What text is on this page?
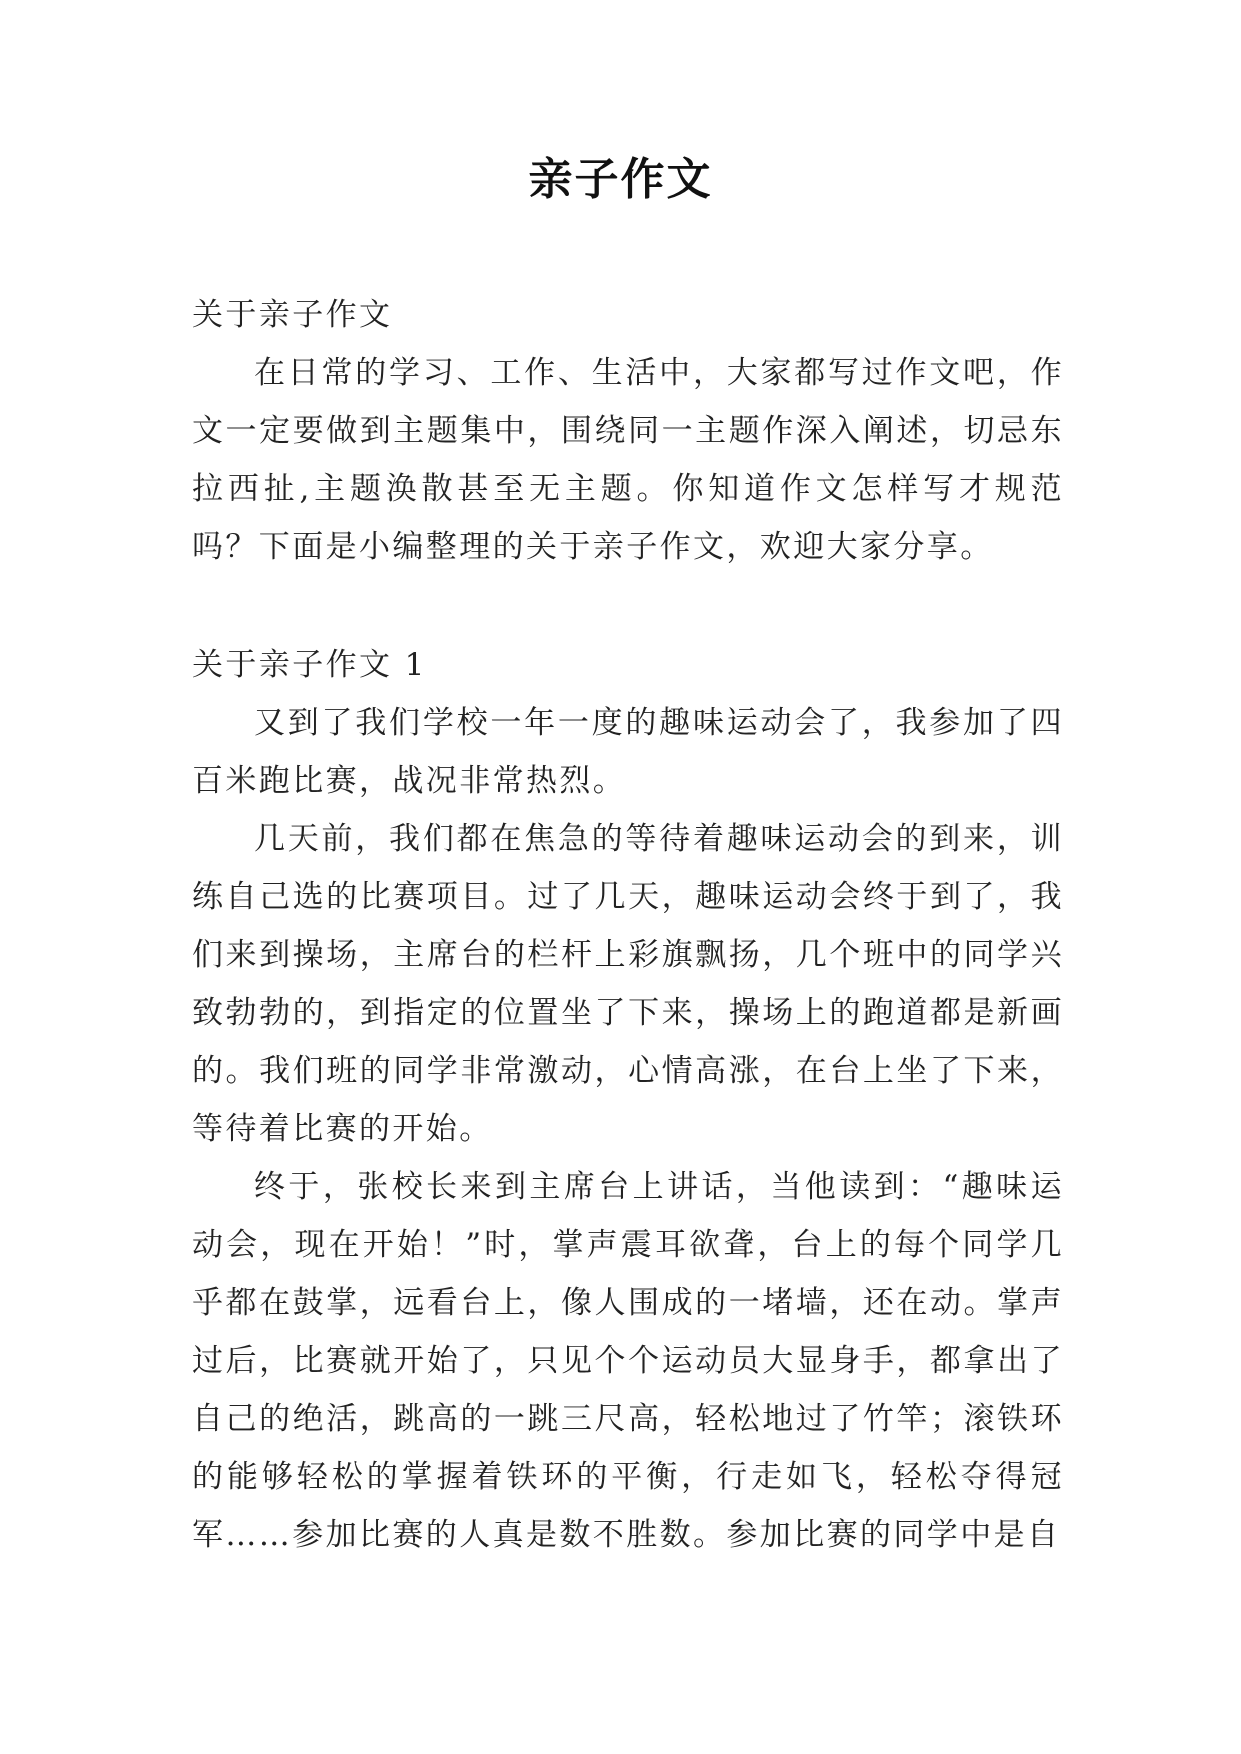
亲子作文

关于亲子作文

在日常的学习、工作、生活中，大家都写过作文吧，作文一定要做到主题集中，围绕同一主题作深入阐述，切忌东拉西扯,主题涣散甚至无主题。你知道作文怎样写才规范吗？下面是小编整理的关于亲子作文，欢迎大家分享。

关于亲子作文 1

又到了我们学校一年一度的趣味运动会了，我参加了四百米跑比赛，战况非常热烈。

几天前，我们都在焦急的等待着趣味运动会的到来，训练自己选的比赛项目。过了几天，趣味运动会终于到了，我们来到操场，主席台的栏杆上彩旗飘扬，几个班中的同学兴致勃勃的，到指定的位置坐了下来，操场上的跑道都是新画的。我们班的同学非常激动，心情高涨，在台上坐了下来，等待着比赛的开始。

终于，张校长来到主席台上讲话，当他读到：“趣味运动会，现在开始！”时，掌声震耳欲聋，台上的每个同学几乎都在鼓掌，远看台上，像人围成的一堵墙，还在动。掌声过后，比赛就开始了，只见个个运动员大显身手，都拿出了自己的绝活，跳高的一跳三尺高，轻松地过了竹竿；滚铁环的能够轻松的掌握着铁环的平衡，行走如飞，轻松夺得冠军……参加比赛的人真是数不胜数。参加比赛的同学中是自
